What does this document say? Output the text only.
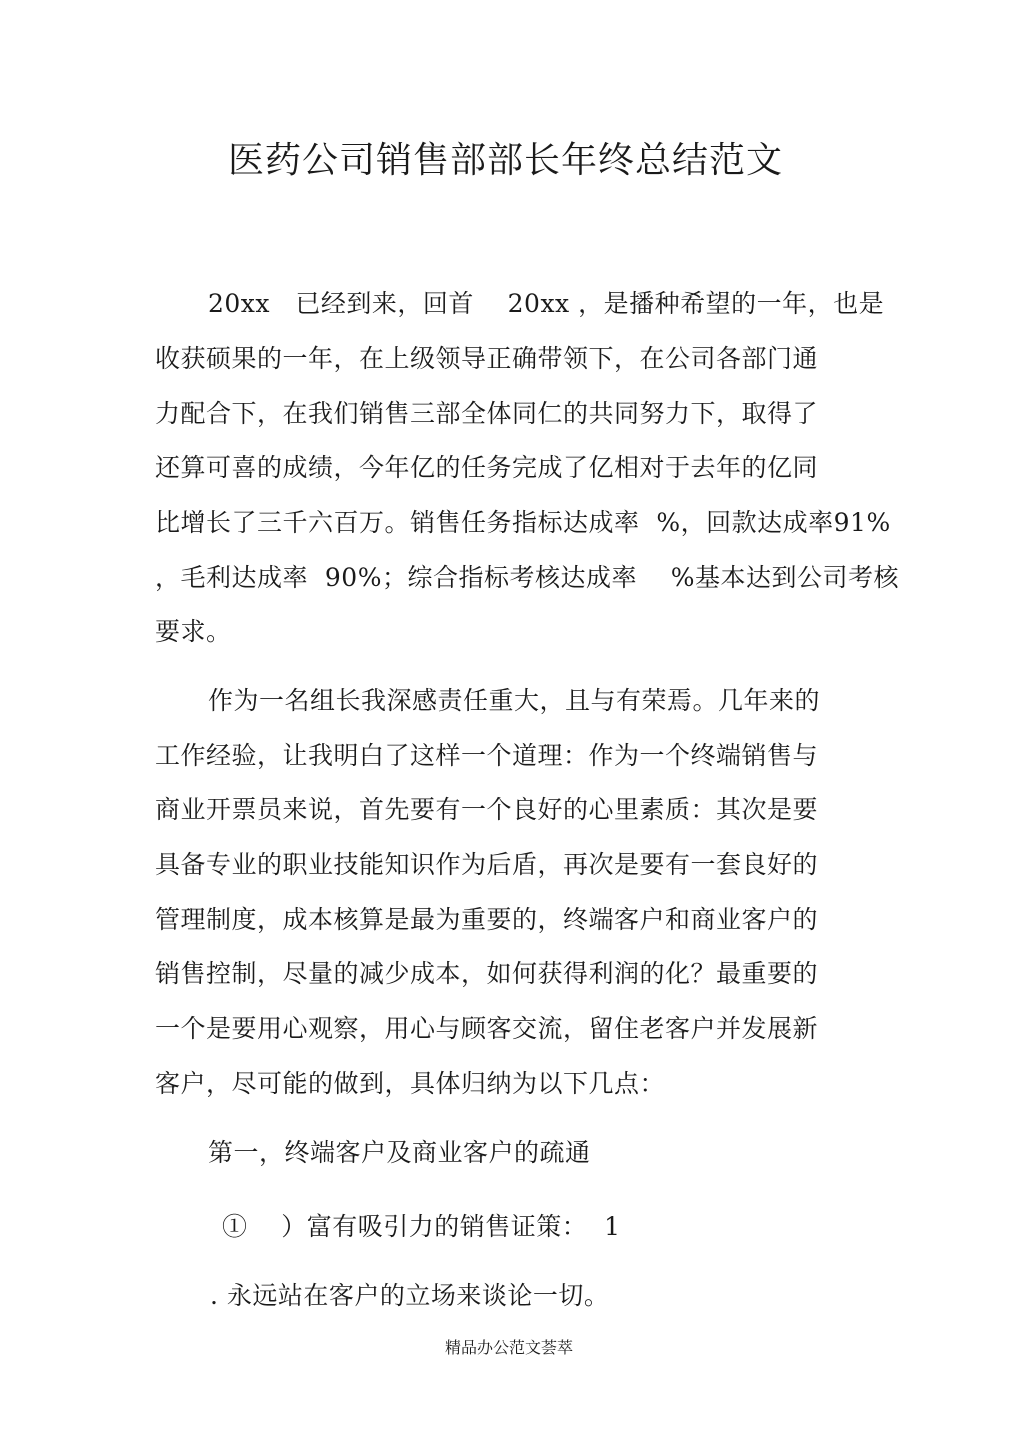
医药公司销售部部长年终总结范文
20xx   已经到来，回首    20xx ，是播种希望的一年，也是
收获硕果的一年，在上级领导正确带领下，在公司各部门通
力配合下，在我们销售三部全体同仁的共同努力下，取得了
还算可喜的成绩，今年亿的任务完成了亿相对于去年的亿同
比增长了三千六百万。销售任务指标达成率  %，回款达成率91%
，毛利达成率  90%；综合指标考核达成率    %基本达到公司考核
要求。
作为一名组长我深感责任重大，且与有荣焉。几年来的
工作经验，让我明白了这样一个道理：作为一个终端销售与
商业开票员来说，首先要有一个良好的心里素质：其次是要
具备专业的职业技能知识作为后盾，再次是要有一套良好的
管理制度，成本核算是最为重要的，终端客户和商业客户的
销售控制，尽量的减少成本，如何获得利润的化？最重要的
一个是要用心观察，用心与顾客交流，留住老客户并发展新
客户，尽可能的做到，具体归纳为以下几点：
第一，终端客户及商业客户的疏通
①    ）富有吸引力的销售证策：  1
. 永远站在客户的立场来谈论一切。
精品办公范文荟萃
